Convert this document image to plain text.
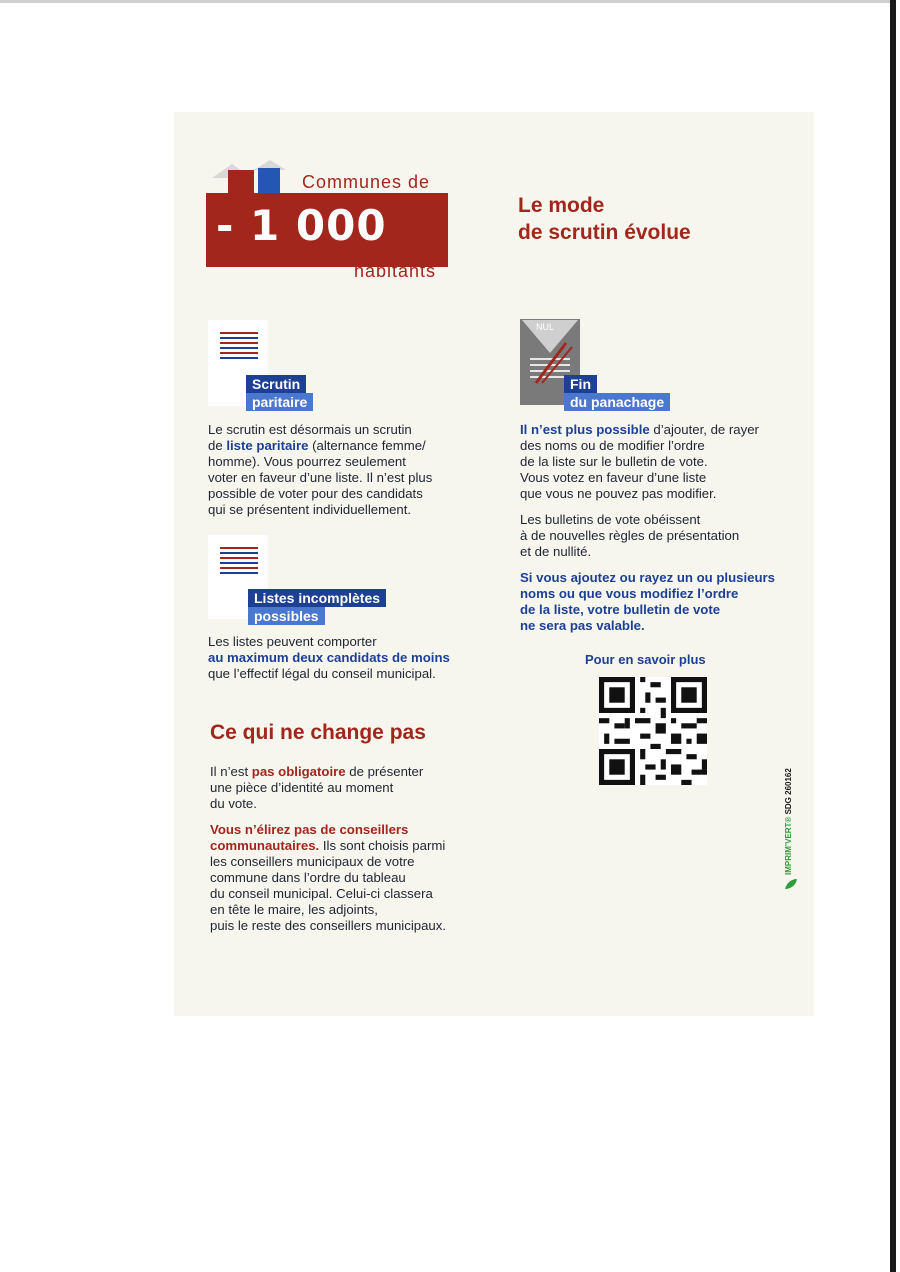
Communes de
- 1 000
habitants
Le mode
de scrutin évolue
Scrutin
paritaire
Le scrutin est désormais un scrutin
de liste paritaire (alternance femme/
homme). Vous pourrez seulement
voter en faveur d’une liste. Il n’est plus
possible de voter pour des candidats
qui se présentent individuellement.
Listes incomplètes
possibles
Les listes peuvent comporter
au maximum deux candidats de moins
que l’effectif légal du conseil municipal.
Ce qui ne change pas
Il n’est pas obligatoire de présenter
une pièce d’identité au moment
du vote.
Vous n’élirez pas de conseillers
communautaires. Ils sont choisis parmi
les conseillers municipaux de votre
commune dans l’ordre du tableau
du conseil municipal. Celui-ci classera
en tête le maire, les adjoints,
puis le reste des conseillers municipaux.
NUL
Fin
du panachage
Il n’est plus possible d’ajouter, de rayer
des noms ou de modifier l’ordre
de la liste sur le bulletin de vote.
Vous votez en faveur d’une liste
que vous ne pouvez pas modifier.
Les bulletins de vote obéissent
à de nouvelles règles de présentation
et de nullité.
Si vous ajoutez ou rayez un ou plusieurs
noms ou que vous modifiez l’ordre
de la liste, votre bulletin de vote
ne sera pas valable.
Pour en savoir plus
IMPRIM’VERT® SDG 260162
